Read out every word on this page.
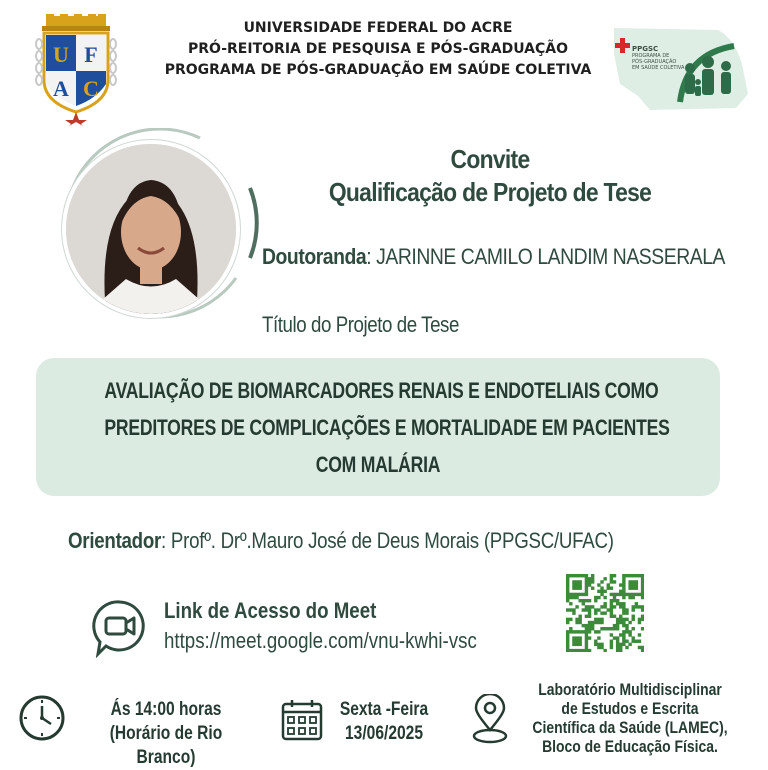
U F
A C
UNIVERSIDADE FEDERAL DO ACRE
PRÓ-REITORIA DE PESQUISA E PÓS-GRADUAÇÃO
PROGRAMA DE PÓS-GRADUAÇÃO EM SAÚDE COLETIVA
PPGSC
PROGRAMA DE
PÓS-GRADUAÇÃO
EM SAÚDE COLETIVA
Convite
Qualificação de Projeto de Tese
Doutoranda: JARINNE CAMILO LANDIM NASSERALA
Título do Projeto de Tese
AVALIAÇÃO DE BIOMARCADORES RENAIS E ENDOTELIAIS COMO
PREDITORES DE COMPLICAÇÕES E MORTALIDADE EM PACIENTES
COM MALÁRIA
Orientador: Profº. Drº.Mauro José de Deus Morais (PPGSC/UFAC)
Link de Acesso do Meet
https://meet.google.com/vnu-kwhi-vsc
Ás 14:00 horas
(Horário de Rio Branco)
Sexta -Feira
13/06/2025
Laboratório Multidisciplinar
de Estudos e Escrita
Científica da Saúde (LAMEC),
Bloco de Educação Física.
